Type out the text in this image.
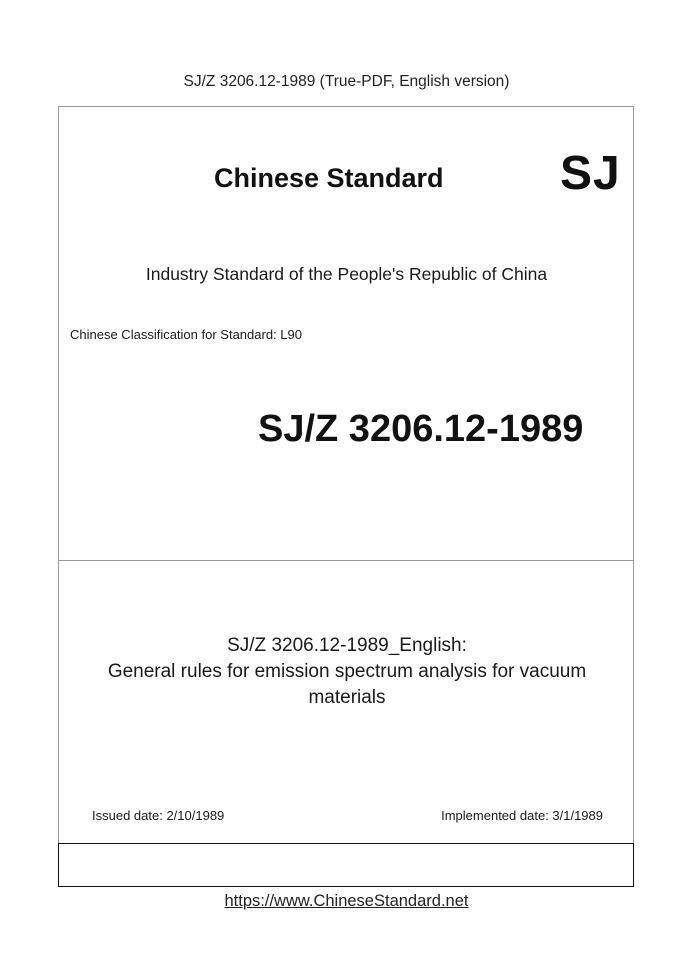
SJ/Z 3206.12-1989 (True-PDF, English version)
Chinese Standard SJ
Industry Standard of the People's Republic of China
Chinese Classification for Standard: L90
SJ/Z 3206.12-1989
SJ/Z 3206.12-1989_English:
General rules for emission spectrum analysis for vacuum
materials
Issued date: 2/10/1989	Implemented date: 3/1/1989
https://www.ChineseStandard.net
